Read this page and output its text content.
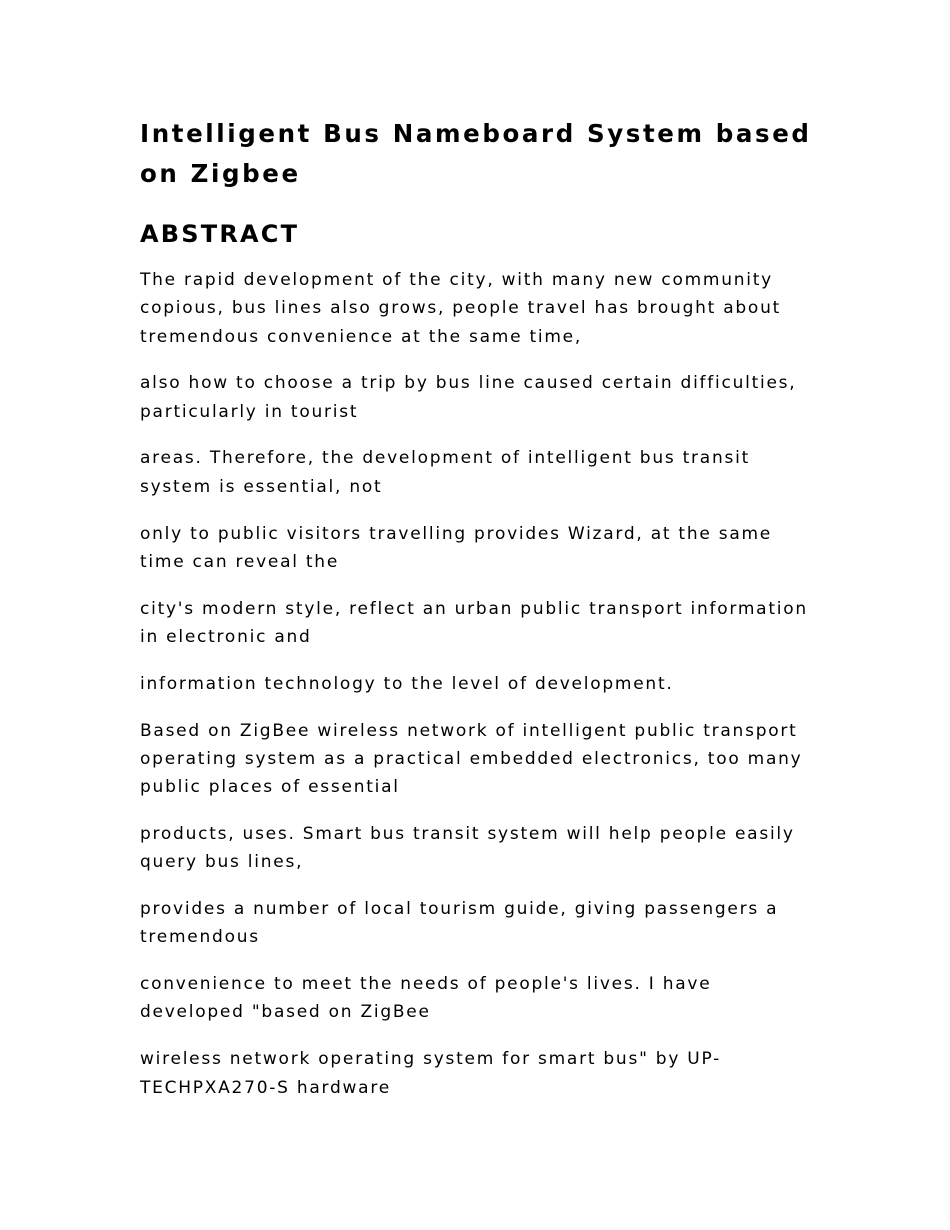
Intelligent Bus Nameboard System based on Zigbee
ABSTRACT

The rapid development of the city, with many new community copious, bus lines also grows, people travel has brought about tremendous convenience at the same time,

also how to choose a trip by bus line caused certain difficulties, particularly in tourist

areas. Therefore, the development of intelligent bus transit system is essential, not

only to public visitors travelling provides Wizard, at the same time can reveal the

city's modern style, reflect an urban public transport information in electronic and

information technology to the level of development.

Based on ZigBee wireless network of intelligent public transport operating system as a practical embedded electronics, too many public places of essential

products, uses. Smart bus transit system will help people easily query bus lines,

provides a number of local tourism guide, giving passengers a tremendous

convenience to meet the needs of people's lives. I have developed "based on ZigBee

wireless network operating system for smart bus" by UP-TECHPXA270-S hardware
